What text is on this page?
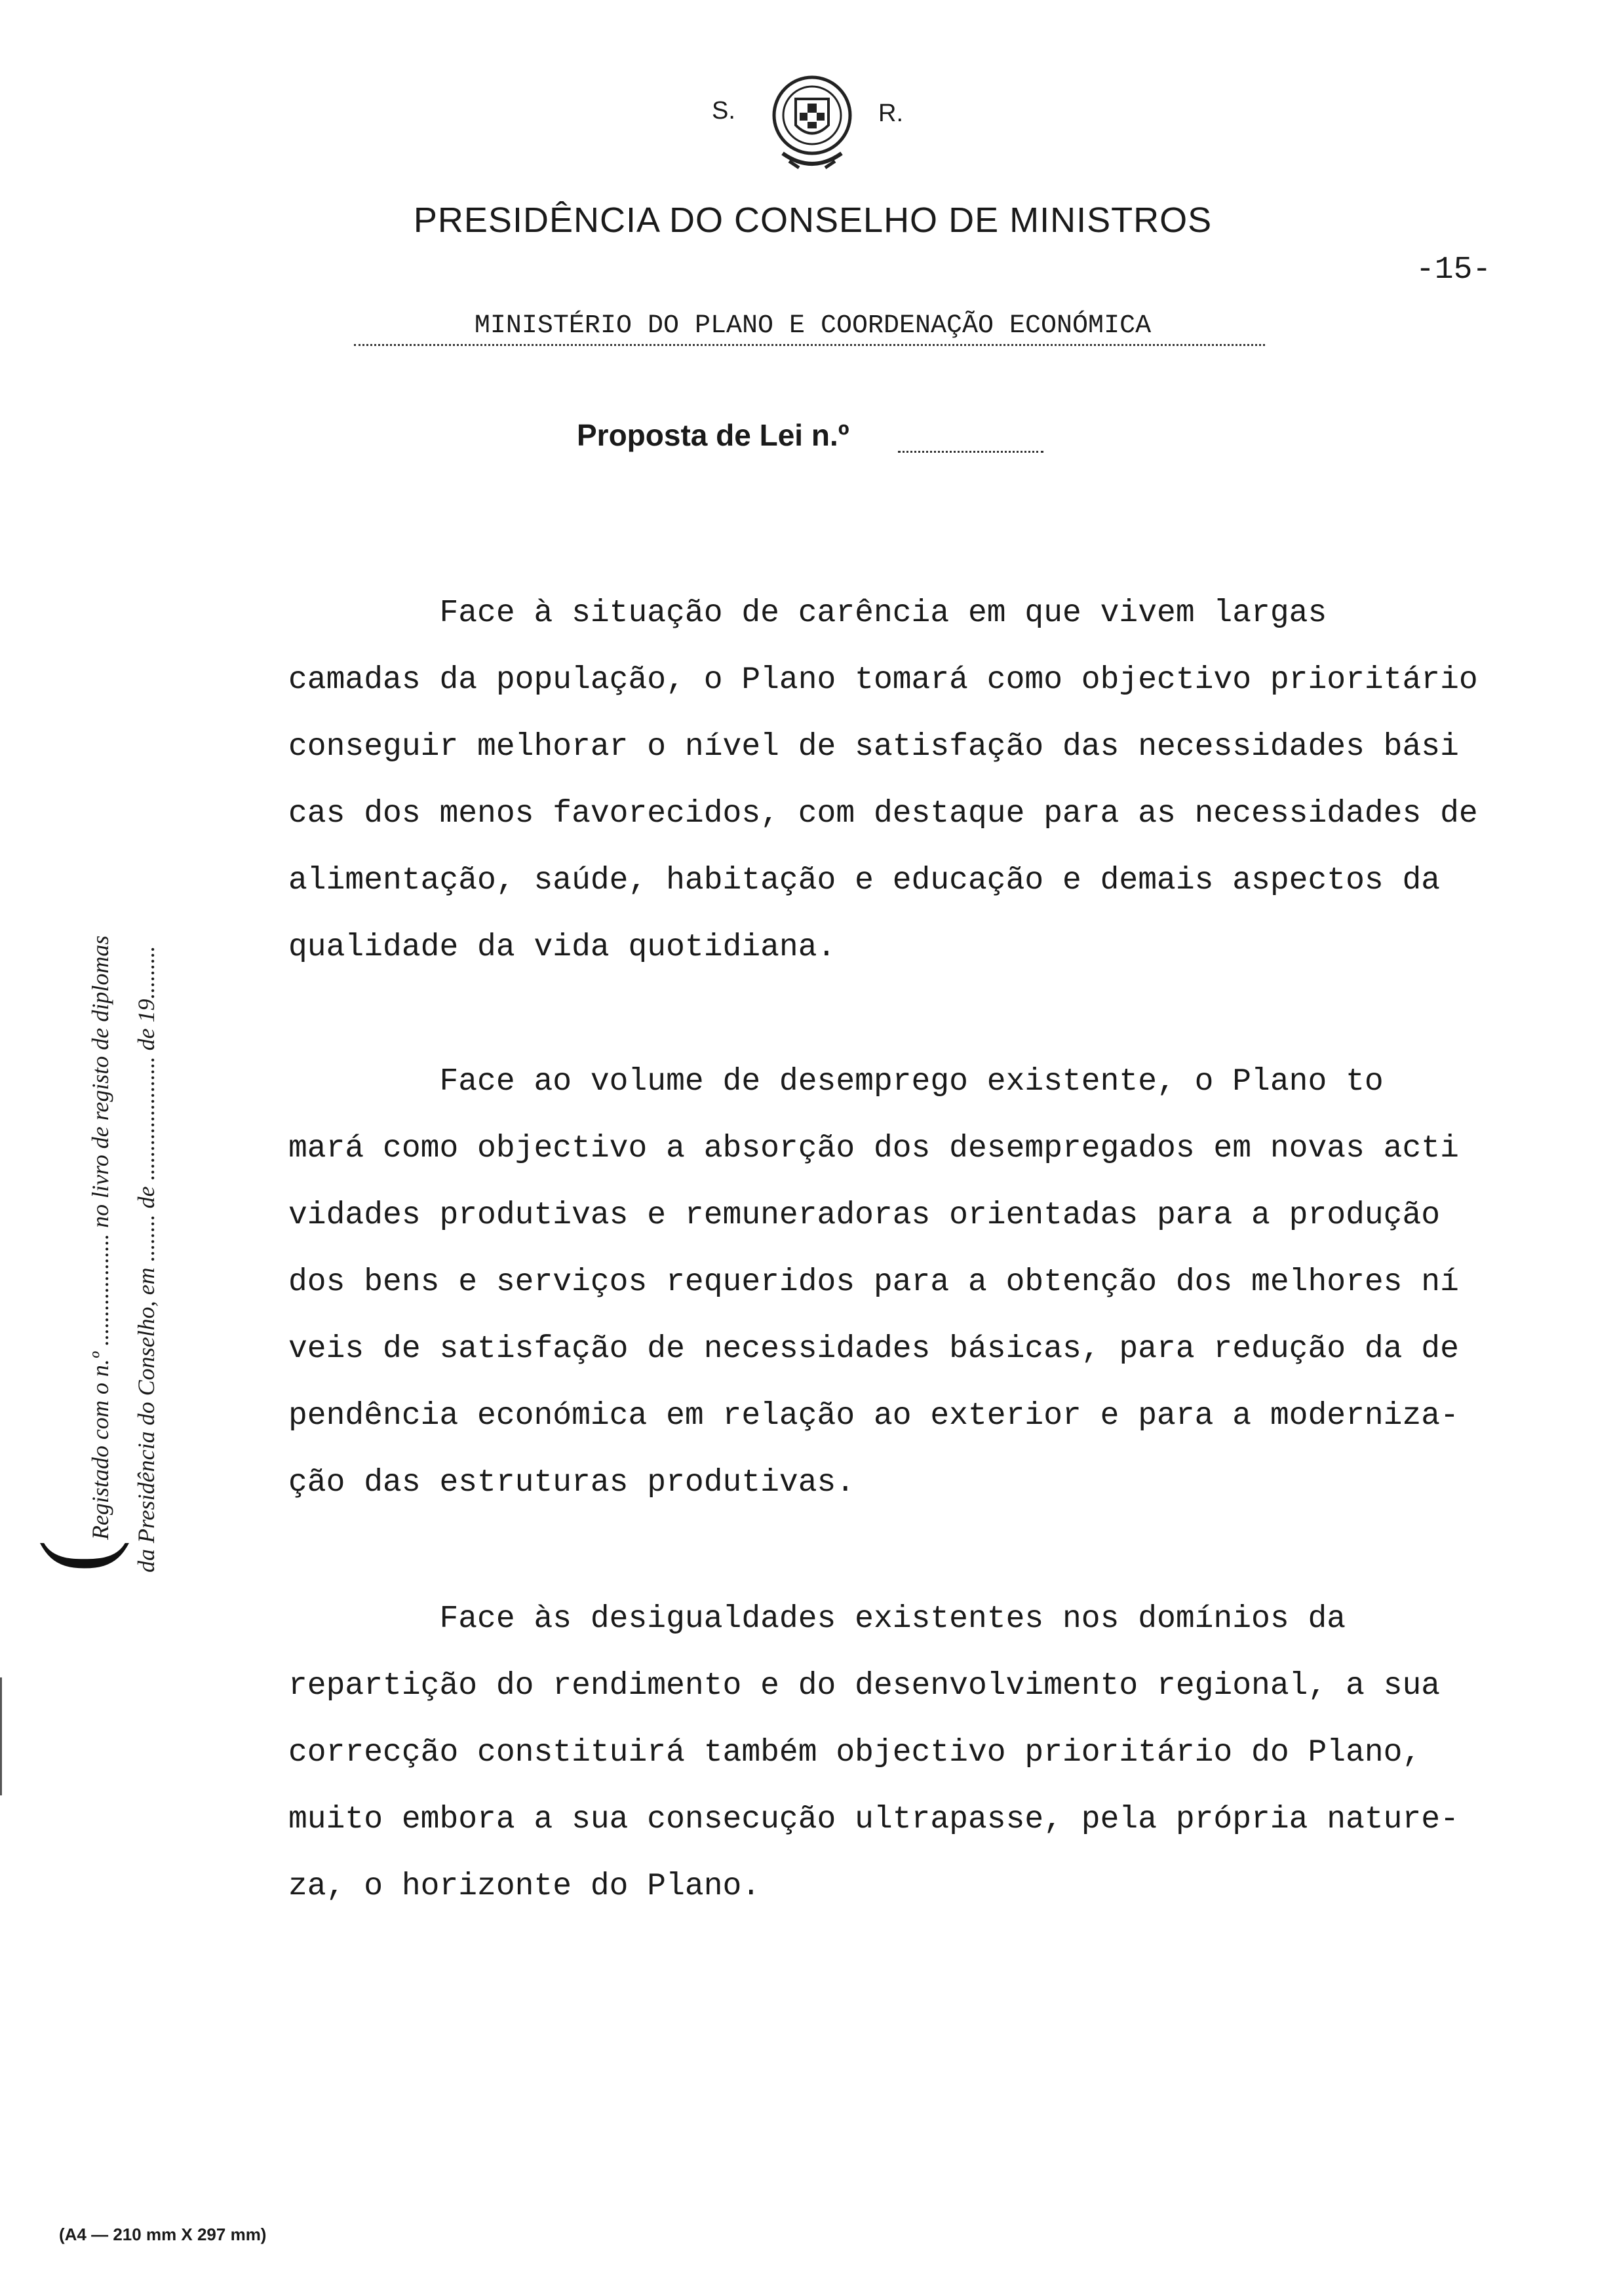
S.	R.
PRESIDÊNCIA DO CONSELHO DE MINISTROS
-15-
MINISTÉRIO DO PLANO E COORDENAÇÃO ECONÓMICA
Proposta de Lei n.º

Face à situação de carência em que vivem largas

camadas da população, o Plano tomará como objectivo prioritário

conseguir melhorar o nível de satisfação das necessidades bási

cas dos menos favorecidos, com destaque para as necessidades de

alimentação, saúde, habitação e educação e demais aspectos da

qualidade da vida quotidiana.

Face ao volume de desemprego existente, o Plano to

mará como objectivo a absorção dos desempregados em novas acti

vidades produtivas e remuneradoras orientadas para a produção

dos bens e serviços requeridos para a obtenção dos melhores ní

veis de satisfação de necessidades básicas, para redução da de

pendência económica em relação ao exterior e para a moderniza-

ção das estruturas produtivas.

Face às desigualdades existentes nos domínios da

repartição do rendimento e do desenvolvimento regional, a sua

correcção constituirá também objectivo prioritário do Plano,

muito embora a sua consecução ultrapasse, pela própria nature-

za, o horizonte do Plano.

(Registado com o n.º ................... no livro de registo de diplomas da Presidência do Conselho, em ........ de ..................... de 19.........
(A4 — 210 mm X 297 mm)
